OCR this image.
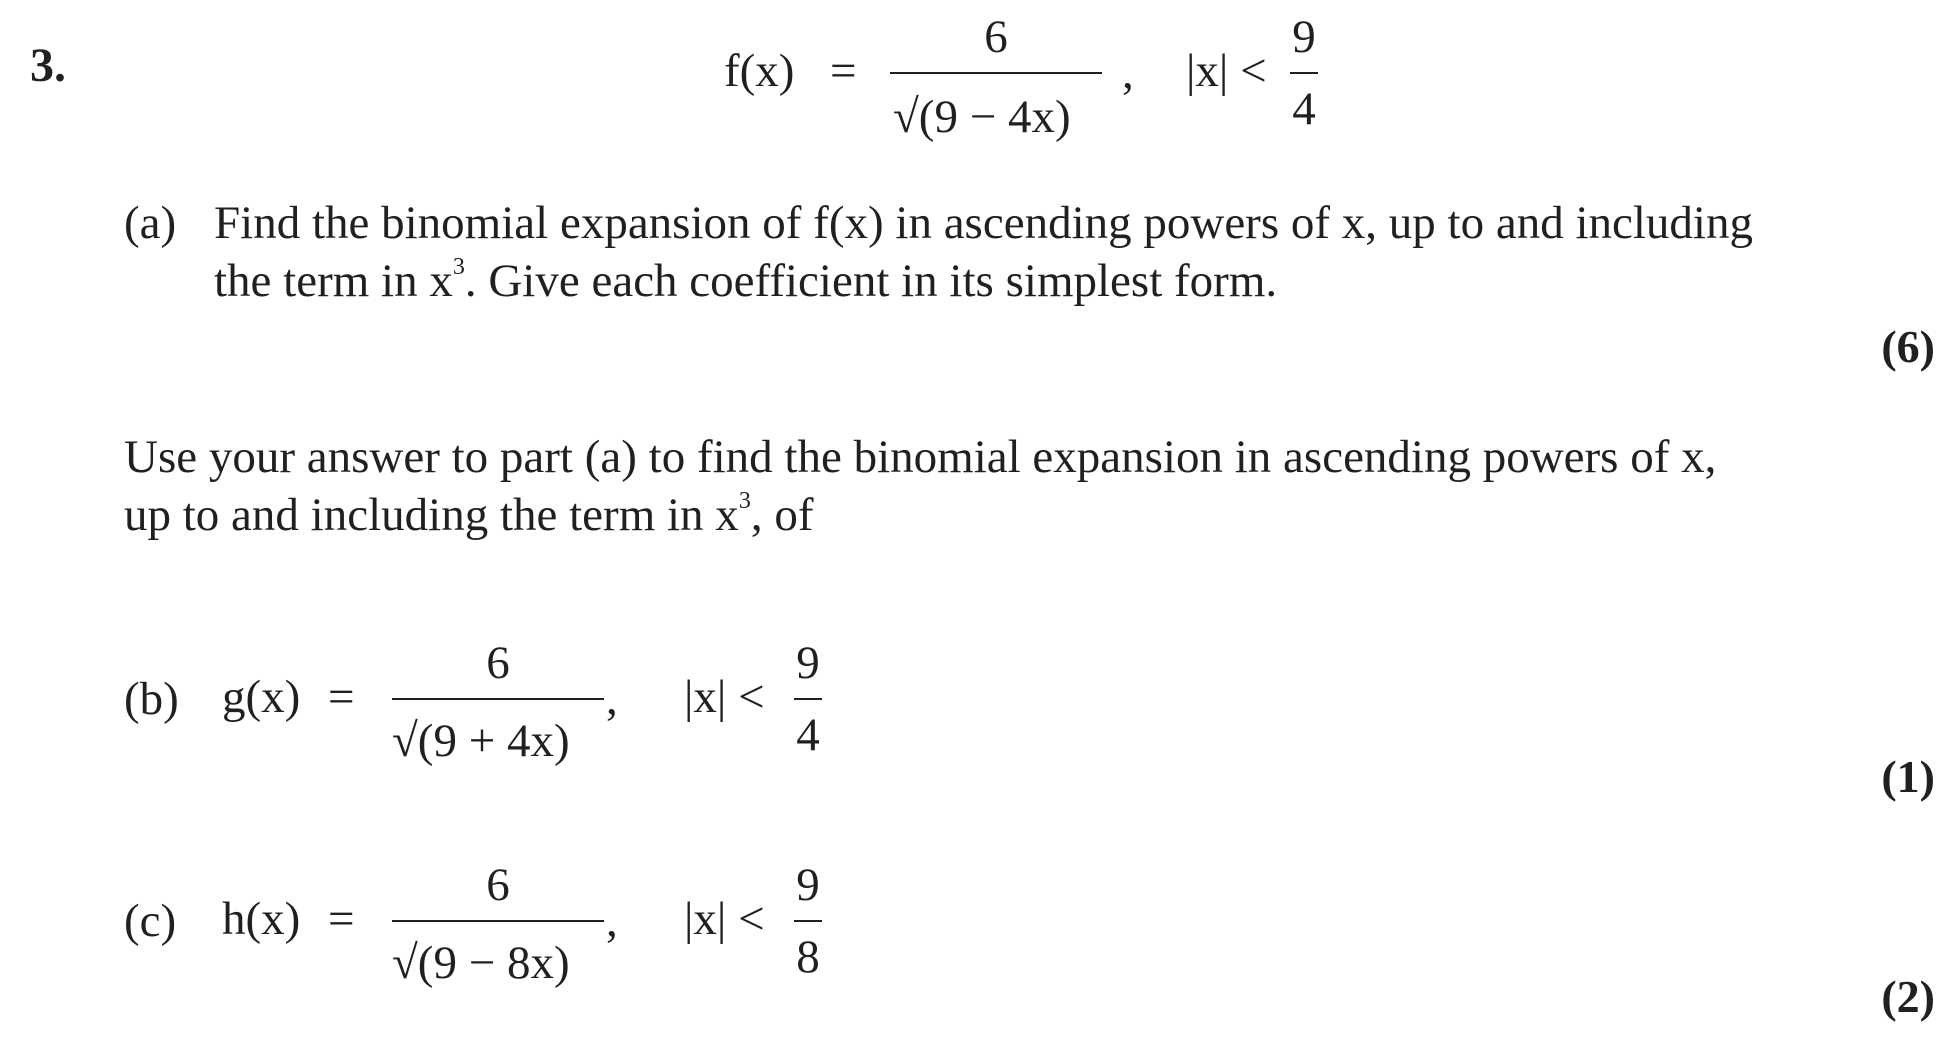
3.	f(x) =
6
√(9 − 4x)
, |x| <
9
4
(a) Find the binomial expansion of f(x) in ascending powers of x, up to and including
the term in $x^3$. Give each coefficient in its simplest form.
(6)
Use your answer to part (a) to find the binomial expansion in ascending powers of x,
up to and including the term in $x^3$, of
(b) g(x) =
6
√(9 + 4x)
, |x| <
9
4
(1)
(c) h(x) =
6
√(9 − 8x)
, |x| <
9
8
(2)
